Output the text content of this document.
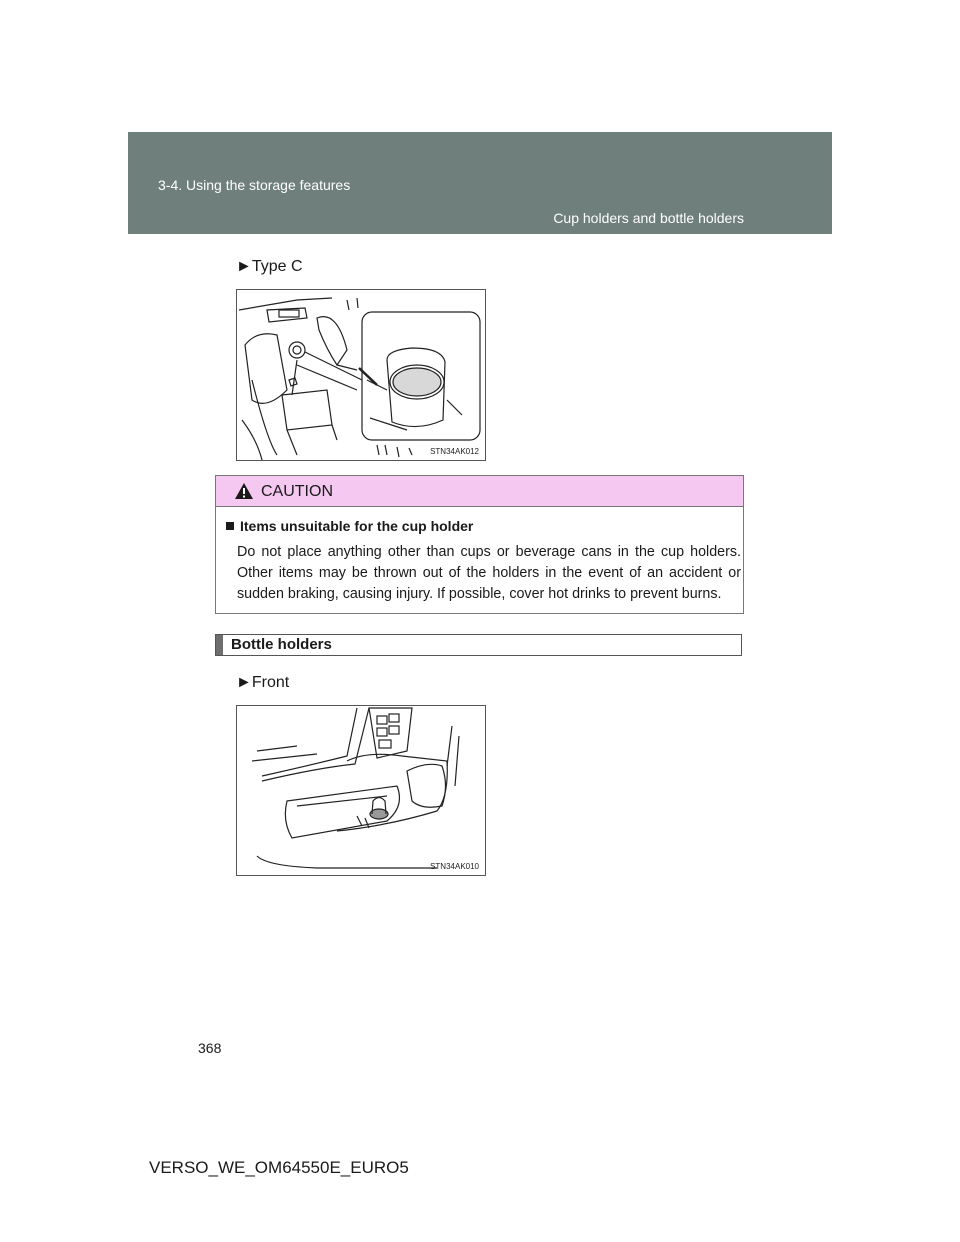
3-4. Using the storage features
Cup holders and bottle holders
►Type C
STN34AK012
CAUTION
Items unsuitable for the cup holder
Do not place anything other than cups or beverage cans in the cup holders. Other items may be thrown out of the holders in the event of an accident or sudden braking, causing injury. If possible, cover hot drinks to prevent burns.
Bottle holders
►Front
STN34AK010
368
VERSO_WE_OM64550E_EURO5
